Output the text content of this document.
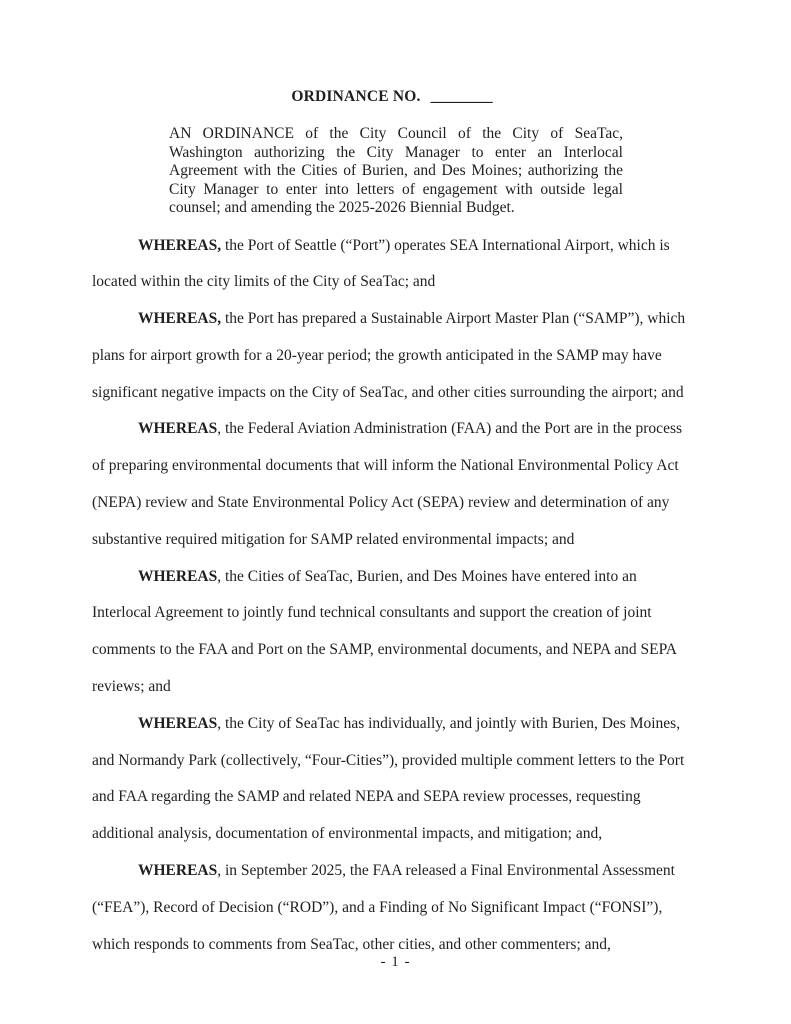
ORDINANCE NO. ________

AN ORDINANCE of the City Council of the City of SeaTac, Washington authorizing the City Manager to enter an Interlocal Agreement with the Cities of Burien, and Des Moines; authorizing the City Manager to enter into letters of engagement with outside legal counsel; and amending the 2025-2026 Biennial Budget.

WHEREAS, the Port of Seattle (“Port”) operates SEA International Airport, which is located within the city limits of the City of SeaTac; and

WHEREAS, the Port has prepared a Sustainable Airport Master Plan (“SAMP”), which plans for airport growth for a 20-year period; the growth anticipated in the SAMP may have significant negative impacts on the City of SeaTac, and other cities surrounding the airport; and

WHEREAS, the Federal Aviation Administration (FAA) and the Port are in the process of preparing environmental documents that will inform the National Environmental Policy Act (NEPA) review and State Environmental Policy Act (SEPA) review and determination of any substantive required mitigation for SAMP related environmental impacts; and

WHEREAS, the Cities of SeaTac, Burien, and Des Moines have entered into an Interlocal Agreement to jointly fund technical consultants and support the creation of joint comments to the FAA and Port on the SAMP, environmental documents, and NEPA and SEPA reviews; and

WHEREAS, the City of SeaTac has individually, and jointly with Burien, Des Moines, and Normandy Park (collectively, “Four-Cities”), provided multiple comment letters to the Port and FAA regarding the SAMP and related NEPA and SEPA review processes, requesting additional analysis, documentation of environmental impacts, and mitigation; and,

WHEREAS, in September 2025, the FAA released a Final Environmental Assessment (“FEA”), Record of Decision (“ROD”), and a Finding of No Significant Impact (“FONSI”), which responds to comments from SeaTac, other cities, and other commenters; and,

- 1 -
